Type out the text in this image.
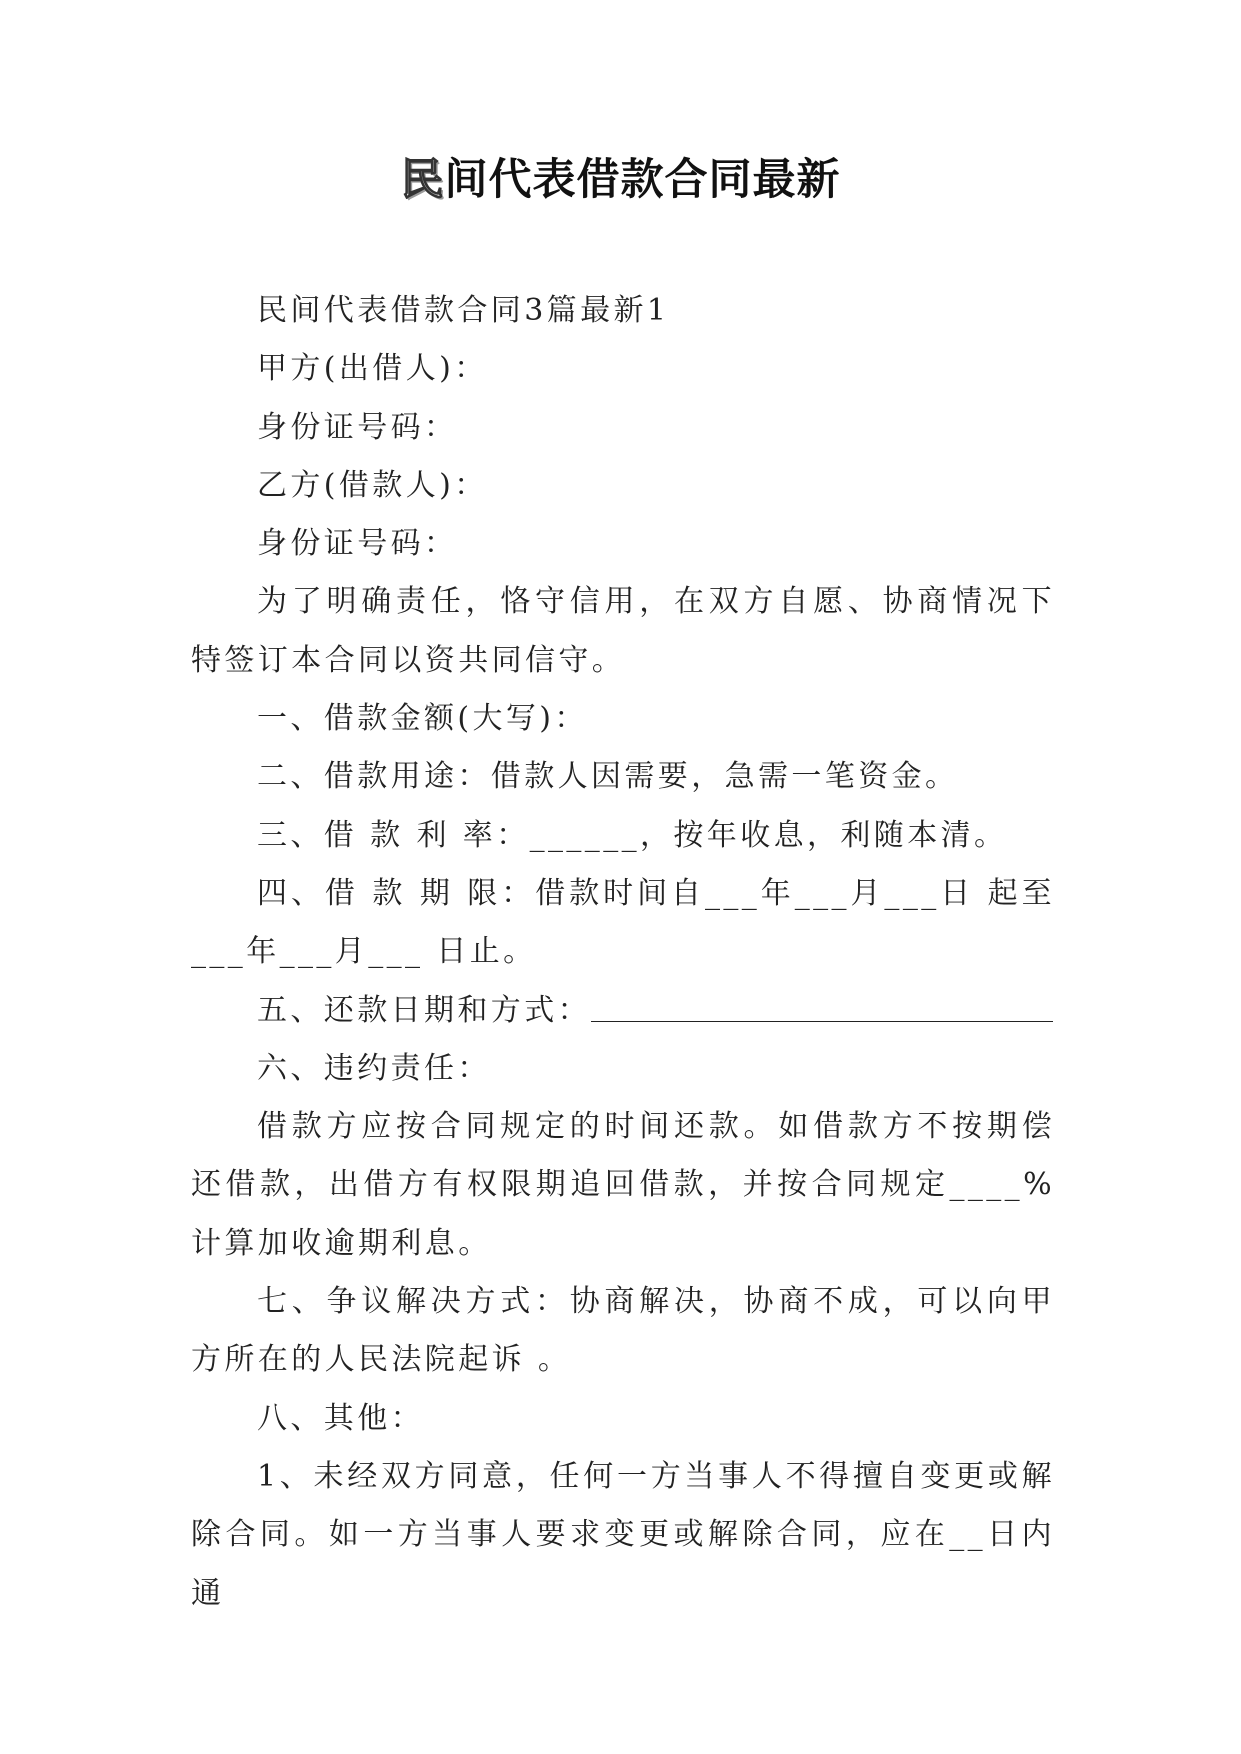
民间代表借款合同最新

民间代表借款合同3篇最新1

甲方(出借人)：

身份证号码：

乙方(借款人)：

身份证号码：

为了明确责任，恪守信用，在双方自愿、协商情况下特签订本合同以资共同信守。

一、借款金额(大写)：

二、借款用途：借款人因需要，急需一笔资金。

三、借 款 利 率：______，按年收息，利随本清。

四、借 款 期 限：借款时间自___年___月___日 起至___年___月___ 日止。

五、还款日期和方式：

六、违约责任：

借款方应按合同规定的时间还款。如借款方不按期偿还借款，出借方有权限期追回借款，并按合同规定____%计算加收逾期利息。

七、争议解决方式：协商解决，协商不成，可以向甲方所在的人民法院起诉 。

八、其他：

1、未经双方同意，任何一方当事人不得擅自变更或解除合同。如一方当事人要求变更或解除合同，应在__日内通
